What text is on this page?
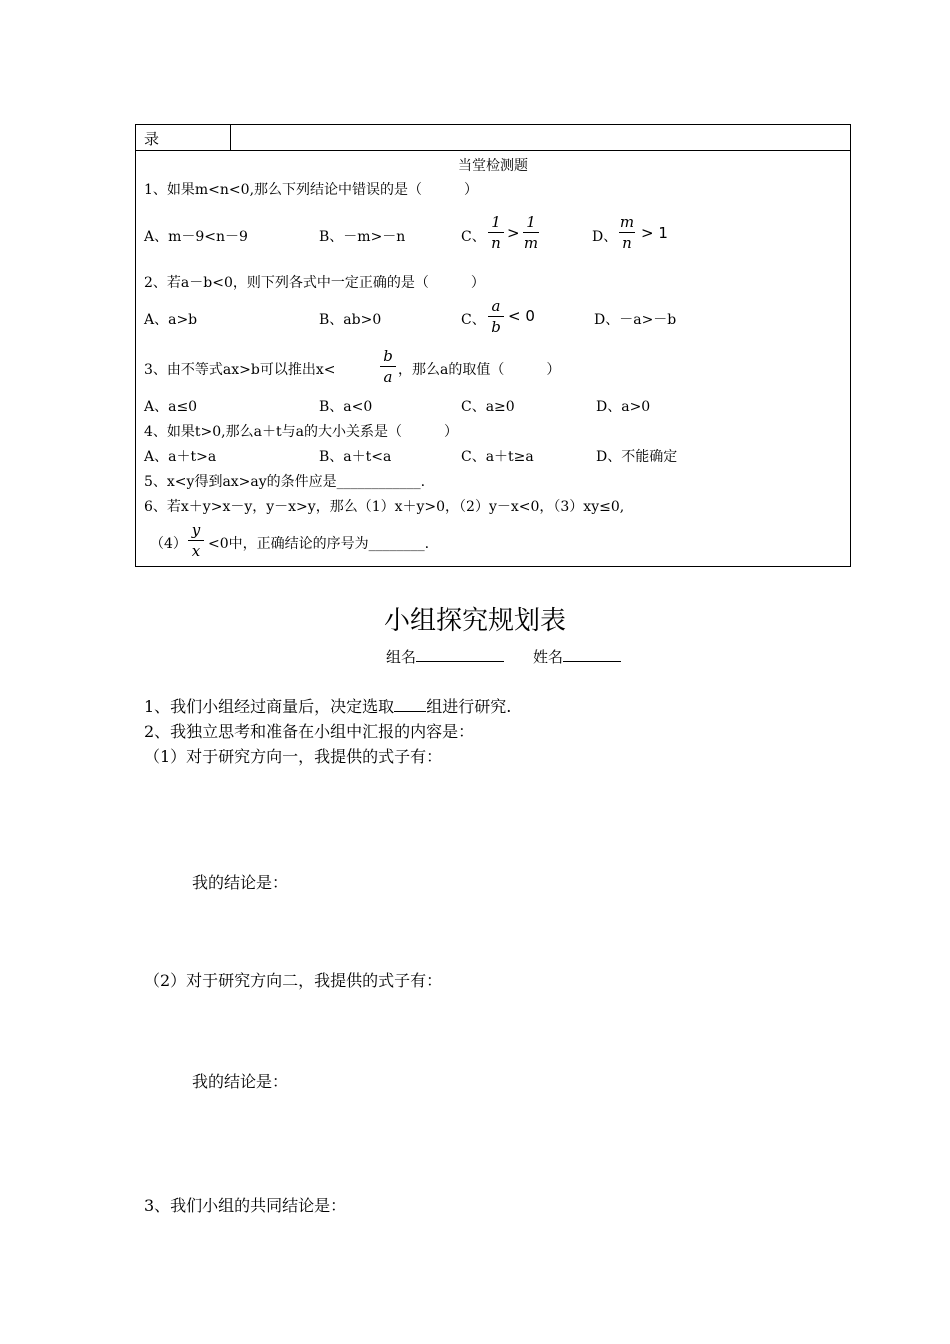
录
当堂检测题
1、如果m<n<0,那么下列结论中错误的是（　　　）
A、m－9<n－9	B、－m>－n	C、
1
n
>
1
m	D、
m
n
> 1
2、若a－b<0，则下列各式中一定正确的是（　　　）
A、a>b	B、ab>0	C、
a
b
< 0	D、－a>－b
3、由不等式ax>b可以推出x<
b
a ，那么a的取值（　　　）
A、a≤0	B、a<0	C、a≥0	D、a>0
4、如果t>0,那么a＋t与a的大小关系是（　　　）
A、a＋t>a	B、a＋t<a	C、a＋t≥a	D、不能确定
5、x<y得到ax>ay的条件应是____________.
6、若x＋y>x－y，y－x>y，那么（1）x＋y>0，（2）y－x<0，（3）xy≤0,
（4）
y
x <0中，正确结论的序号为________.
小组探究规划表
组名	姓名
1、我们小组经过商量后，决定选取 组进行研究.
2、我独立思考和准备在小组中汇报的内容是：
（1）对于研究方向一，我提供的式子有：
我的结论是：
（2）对于研究方向二，我提供的式子有：
我的结论是：
3、我们小组的共同结论是：
